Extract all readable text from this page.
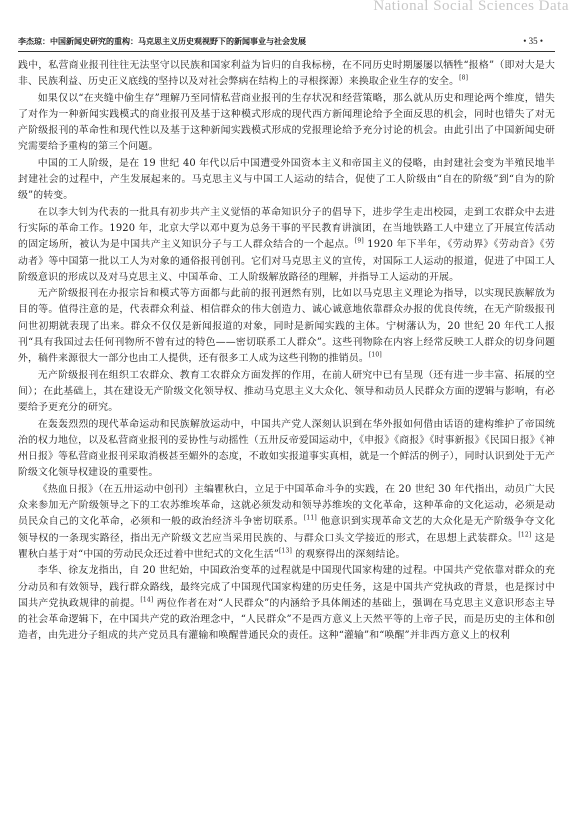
National Social Sciences Data
李杰琼：中国新闻史研究的重构：马克思主义历史观视野下的新闻事业与社会发展	• 35 •

践中，私营商业报刊往往无法坚守以民族和国家利益为旨归的自我标榜，在不同历史时期屡屡以牺牲“报格”（即对大是大非、民族利益、历史正义底线的坚持以及对社会弊病在结构上的寻根探源）来换取企业生存的安全。[8]

如果仅以“在夹缝中偷生存”理解乃至同情私营商业报刊的生存状况和经营策略，那么就从历史和理论两个维度，错失了对作为一种新闻实践模式的商业报刊及基于这种模式形成的现代西方新闻理论给予全面反思的机会，同时也错失了对无产阶级报刊的革命性和现代性以及基于这种新闻实践模式形成的党报理论给予充分讨论的机会。由此引出了中国新闻史研究需要给予重构的第三个问题。

中国的工人阶级，是在 19 世纪 40 年代以后中国遭受外国资本主义和帝国主义的侵略，由封建社会变为半殖民地半封建社会的过程中，产生发展起来的。马克思主义与中国工人运动的结合，促使了工人阶级由“自在的阶级”到“自为的阶级”的转变。

在以李大钊为代表的一批具有初步共产主义觉悟的革命知识分子的倡导下，进步学生走出校园，走到工农群众中去进行实际的革命工作。1920 年，北京大学以邓中夏为总务干事的平民教育讲演团，在当地铁路工人中建立了开展宣传活动的固定场所，被认为是中国共产主义知识分子与工人群众结合的一个起点。[9] 1920 年下半年，《劳动界》《劳动音》《劳动者》等中国第一批以工人为对象的通俗报刊创刊。它们对马克思主义的宣传，对国际工人运动的报道，促进了中国工人阶级意识的形成以及对马克思主义、中国革命、工人阶级解放路径的理解，并指导工人运动的开展。

无产阶级报刊在办报宗旨和模式等方面都与此前的报刊迥然有别，比如以马克思主义理论为指导，以实现民族解放为目的等。值得注意的是，代表群众利益、相信群众的伟大创造力、诚心诚意地依靠群众办报的优良传统，在无产阶级报刊问世初期就表现了出来。群众不仅仅是新闻报道的对象，同时是新闻实践的主体。宁树藩认为，20 世纪 20 年代工人报刊“具有我国过去任何刊物所不曾有过的特色——密切联系工人群众”。这些刊物除在内容上经常反映工人群众的切身问题外，稿件来源很大一部分也由工人提供，还有很多工人成为这些刊物的推销员。[10]

无产阶级报刊在组织工农群众、教育工农群众方面发挥的作用，在前人研究中已有呈现（还有进一步丰富、拓展的空间）；在此基础上，其在建设无产阶级文化领导权、推动马克思主义大众化、领导和动员人民群众方面的逻辑与影响，有必要给予更充分的研究。

在轰轰烈烈的现代革命运动和民族解放运动中，中国共产党人深刻认识到在华外报如何借由话语的建构维护了帝国统治的权力地位，以及私营商业报刊的妥协性与动摇性（五卅反帝爱国运动中，《申报》《商报》《时事新报》《民国日报》《神州日报》等私营商业报刊采取消极甚至媚外的态度，不敢如实报道事实真相，就是一个鲜活的例子），同时认识到处于无产阶级文化领导权建设的重要性。

《热血日报》（在五卅运动中创刊）主编瞿秋白，立足于中国革命斗争的实践，在 20 世纪 30 年代指出，动员广大民众来参加无产阶级领导之下的工农苏维埃革命，这就必须发动和领导苏维埃的文化革命，这种革命的文化运动，必须是动员民众自己的文化革命，必须和一般的政治经济斗争密切联系。[11] 他意识到实现革命文艺的大众化是无产阶级争夺文化领导权的一条现实路径，指出无产阶级文艺应当采用民族的、与群众口头文学接近的形式，在思想上武装群众。[12] 这是瞿秋白基于对“中国的劳动民众还过着中世纪式的文化生活”[13] 的观察得出的深刻结论。

李华、徐友龙指出，自 20 世纪始，中国政治变革的过程就是中国现代国家构建的过程。中国共产党依靠对群众的充分动员和有效领导，践行群众路线，最终完成了中国现代国家构建的历史任务，这是中国共产党执政的背景，也是探讨中国共产党执政规律的前提。[14] 两位作者在对“人民群众”的内涵给予具体阐述的基础上，强调在马克思主义意识形态主导的社会革命逻辑下，在中国共产党的政治理念中，“人民群众”不是西方意义上天然平等的上帝子民，而是历史的主体和创造者，由先进分子组成的共产党员具有灌输和唤醒普通民众的责任。这种“灌输”和“唤醒”并非西方意义上的权利
